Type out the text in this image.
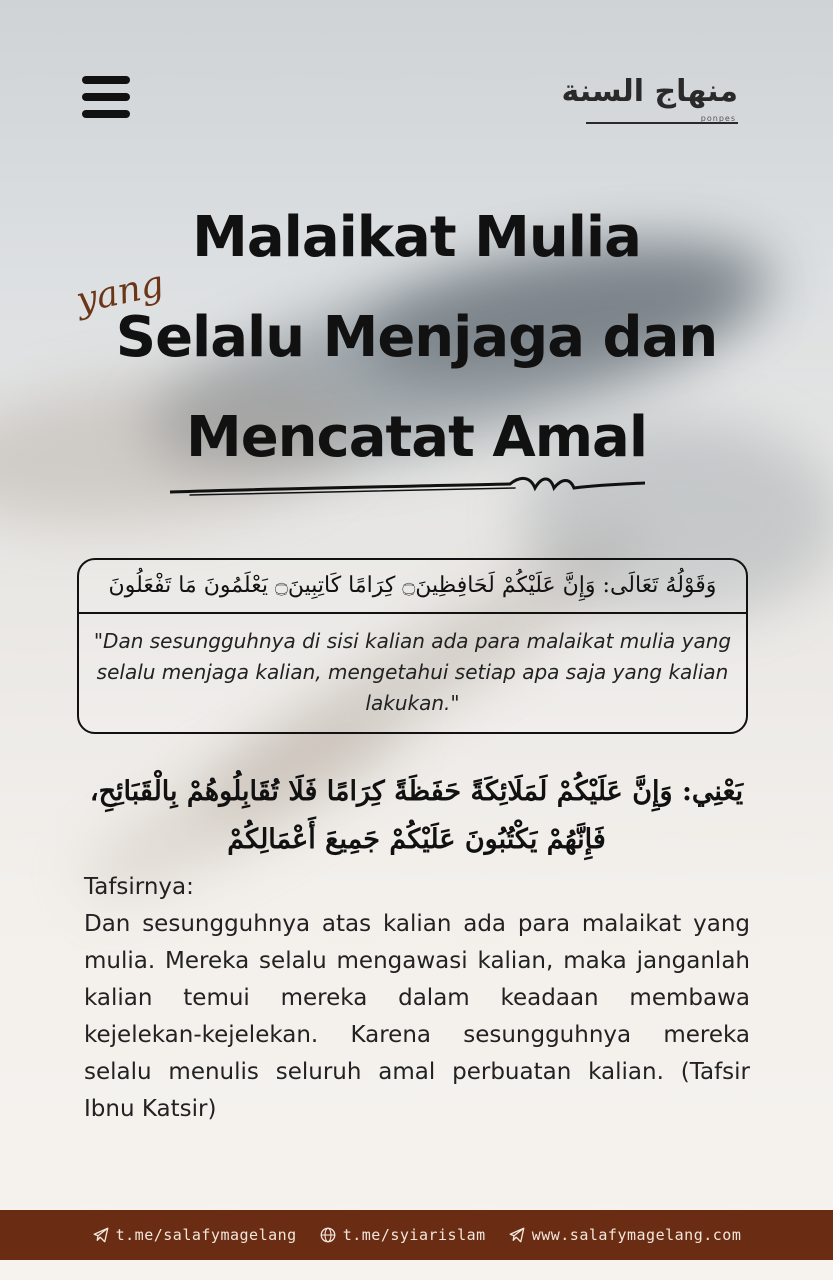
منهاج السنة
ponpes
Malaikat Mulia
yang
Selalu Menjaga dan
Mencatat Amal
وَقَوْلُهُ تَعَالَى: وَإِنَّ عَلَيْكُمْ لَحَافِظِينَ۝ كِرَامًا كَاتِبِينَ۝ يَعْلَمُونَ مَا تَفْعَلُونَ
"Dan sesungguhnya di sisi kalian ada para malaikat mulia yang selalu menjaga kalian, mengetahui setiap apa saja yang kalian lakukan."
يَعْنِي: وَإِنَّ عَلَيْكُمْ لَمَلَائِكَةً حَفَظَةً كِرَامًا فَلَا تُقَابِلُوهُمْ بِالْقَبَائِحِ،
فَإِنَّهُمْ يَكْتُبُونَ عَلَيْكُمْ جَمِيعَ أَعْمَالِكُمْ
Tafsirnya:
Dan sesungguhnya atas kalian ada para malaikat yang mulia. Mereka selalu mengawasi kalian, maka janganlah kalian temui mereka dalam keadaan membawa kejelekan-kejelekan. Karena sesungguhnya mereka selalu menulis seluruh amal perbuatan kalian. (Tafsir Ibnu Katsir)
t.me/salafymagelang	t.me/syiarislam	www.salafymagelang.com
